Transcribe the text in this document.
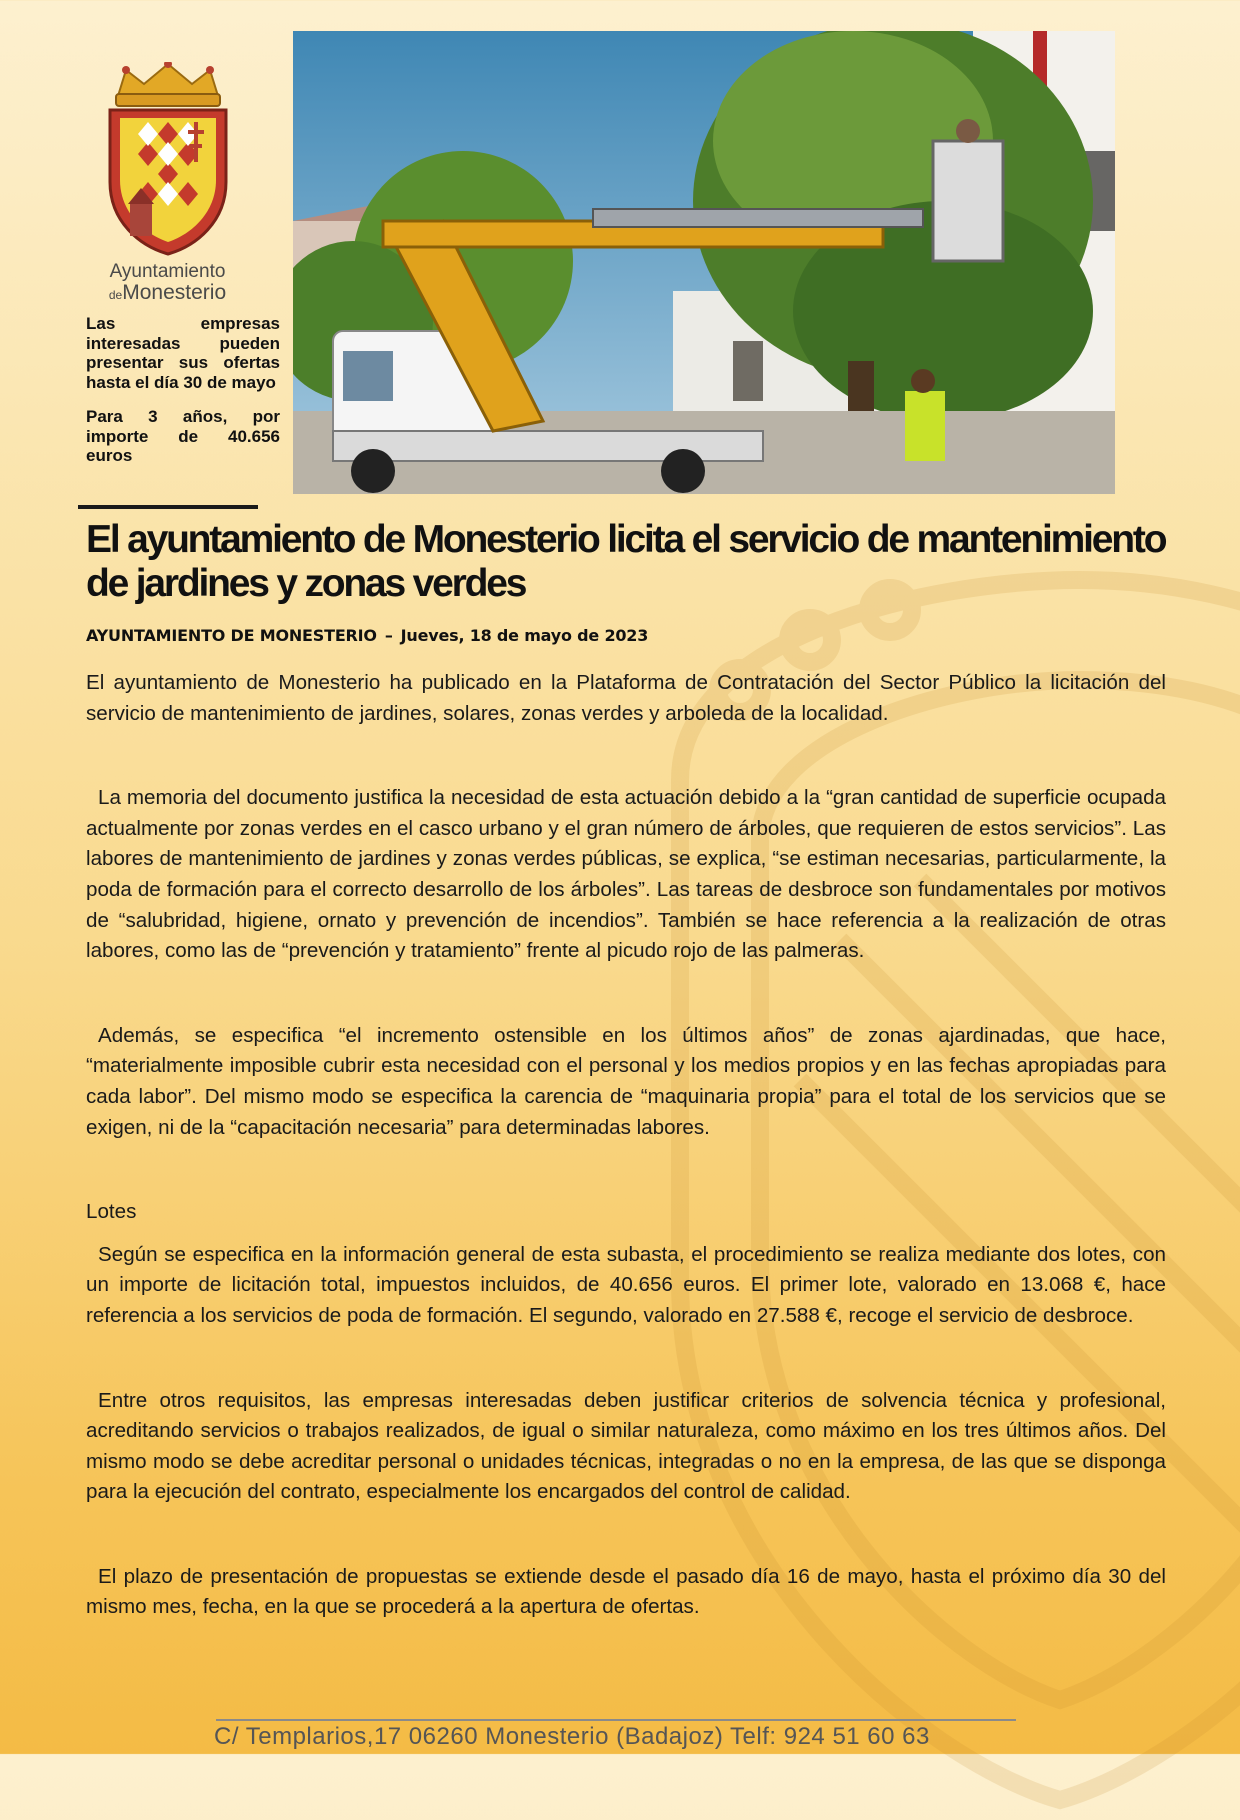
Ayuntamiento
deMonesterio

Las empresas interesadas pueden presentar sus ofertas hasta el día 30 de mayo

Para 3 años, por importe de 40.656 euros

El ayuntamiento de Monesterio licita el servicio de mantenimiento de jardines y zonas verdes
AYUNTAMIENTO DE MONESTERIO – Jueves, 18 de mayo de 2023

El ayuntamiento de Monesterio ha publicado en la Plataforma de Contratación del Sector Público la licitación del servicio de mantenimiento de jardines, solares, zonas verdes y arboleda de la localidad.

La memoria del documento justifica la necesidad de esta actuación debido a la “gran cantidad de superficie ocupada actualmente por zonas verdes en el casco urbano y el gran número de árboles, que requieren de estos servicios”. Las labores de mantenimiento de jardines y zonas verdes públicas, se explica, “se estiman necesarias, particularmente, la poda de formación para el correcto desarrollo de los árboles”. Las tareas de desbroce son fundamentales por motivos de “salubridad, higiene, ornato y prevención de incendios”. También se hace referencia a la realización de otras labores, como las de “prevención y tratamiento” frente al picudo rojo de las palmeras.

Además, se especifica “el incremento ostensible en los últimos años” de zonas ajardinadas, que hace, “materialmente imposible cubrir esta necesidad con el personal y los medios propios y en las fechas apropiadas para cada labor”. Del mismo modo se especifica la carencia de “maquinaria propia” para el total de los servicios que se exigen, ni de la “capacitación necesaria” para determinadas labores.

Lotes

Según se especifica en la información general de esta subasta, el procedimiento se realiza mediante dos lotes, con un importe de licitación total, impuestos incluidos, de 40.656 euros. El primer lote, valorado en 13.068 €, hace referencia a los servicios de poda de formación. El segundo, valorado en 27.588 €, recoge el servicio de desbroce.

Entre otros requisitos, las empresas interesadas deben justificar criterios de solvencia técnica y profesional, acreditando servicios o trabajos realizados, de igual o similar naturaleza, como máximo en los tres últimos años. Del mismo modo se debe acreditar personal o unidades técnicas, integradas o no en la empresa, de las que se disponga para la ejecución del contrato, especialmente los encargados del control de calidad.

El plazo de presentación de propuestas se extiende desde el pasado día 16 de mayo, hasta el próximo día 30 del mismo mes, fecha, en la que se procederá a la apertura de ofertas.

C/ Templarios,17 06260 Monesterio (Badajoz) Telf: 924 51 60 63
